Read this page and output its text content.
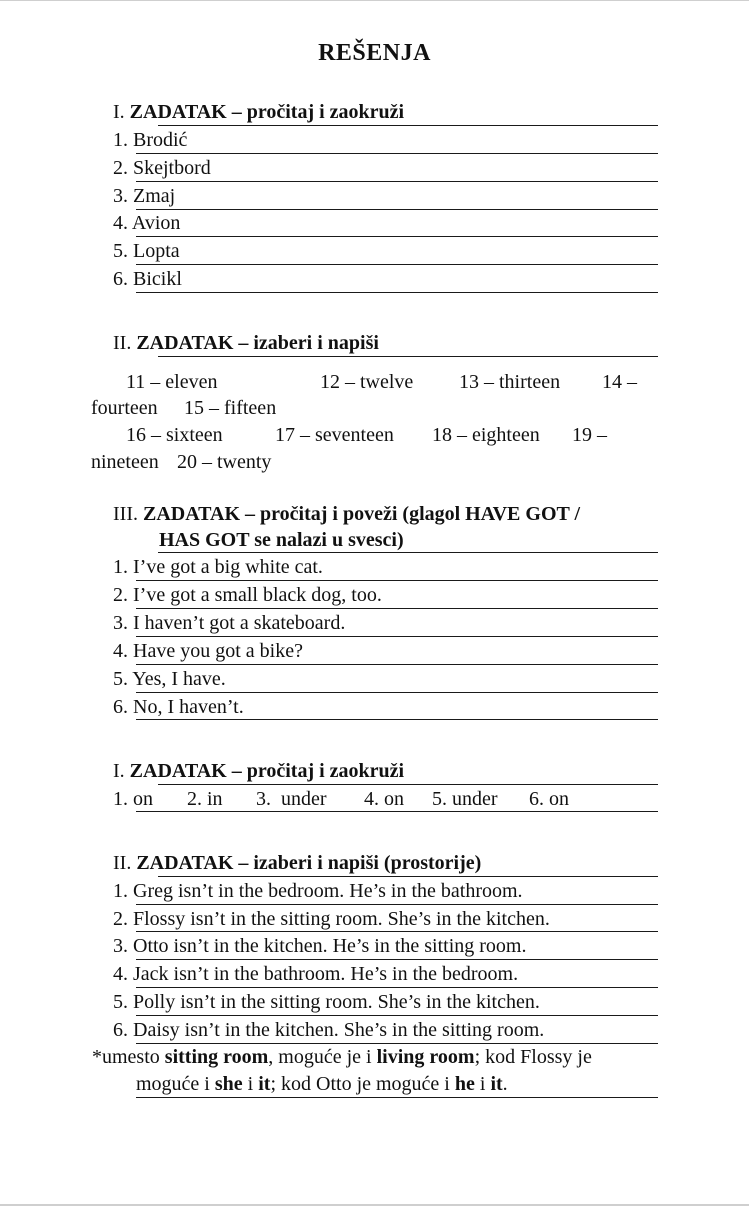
REŠENJA
I. ZADATAK – pročitaj i zaokruži
1. Brodić
2. Skejtbord
3. Zmaj
4. Avion
5. Lopta
6. Bicikl
II. ZADATAK – izaberi i napiši
11 – eleven	12 – twelve 13 – thirteen 14 –
fourteen 15 – fifteen
16 – sixteen	17 – seventeen 18 – eighteen 19 –
nineteen 20 – twenty
III. ZADATAK – pročitaj i poveži (glagol HAVE GOT /
HAS GOT se nalazi u svesci)
1. I’ve got a big white cat.
2. I’ve got a small black dog, too.
3. I haven’t got a skateboard.
4. Have you got a bike?
5. Yes, I have.
6. No, I haven’t.
I. ZADATAK – pročitaj i zaokruži
1. on 2. in 3.  under 4. on 5. under 6. on
II. ZADATAK – izaberi i napiši (prostorije)
1. Greg isn’t in the bedroom. He’s in the bathroom.
2. Flossy isn’t in the sitting room. She’s in the kitchen.
3. Otto isn’t in the kitchen. He’s in the sitting room.
4. Jack isn’t in the bathroom. He’s in the bedroom.
5. Polly isn’t in the sitting room. She’s in the kitchen.
6. Daisy isn’t in the kitchen. She’s in the sitting room.
*umesto sitting room, moguće je i living room; kod Flossy je
moguće i she i it; kod Otto je moguće i he i it.
